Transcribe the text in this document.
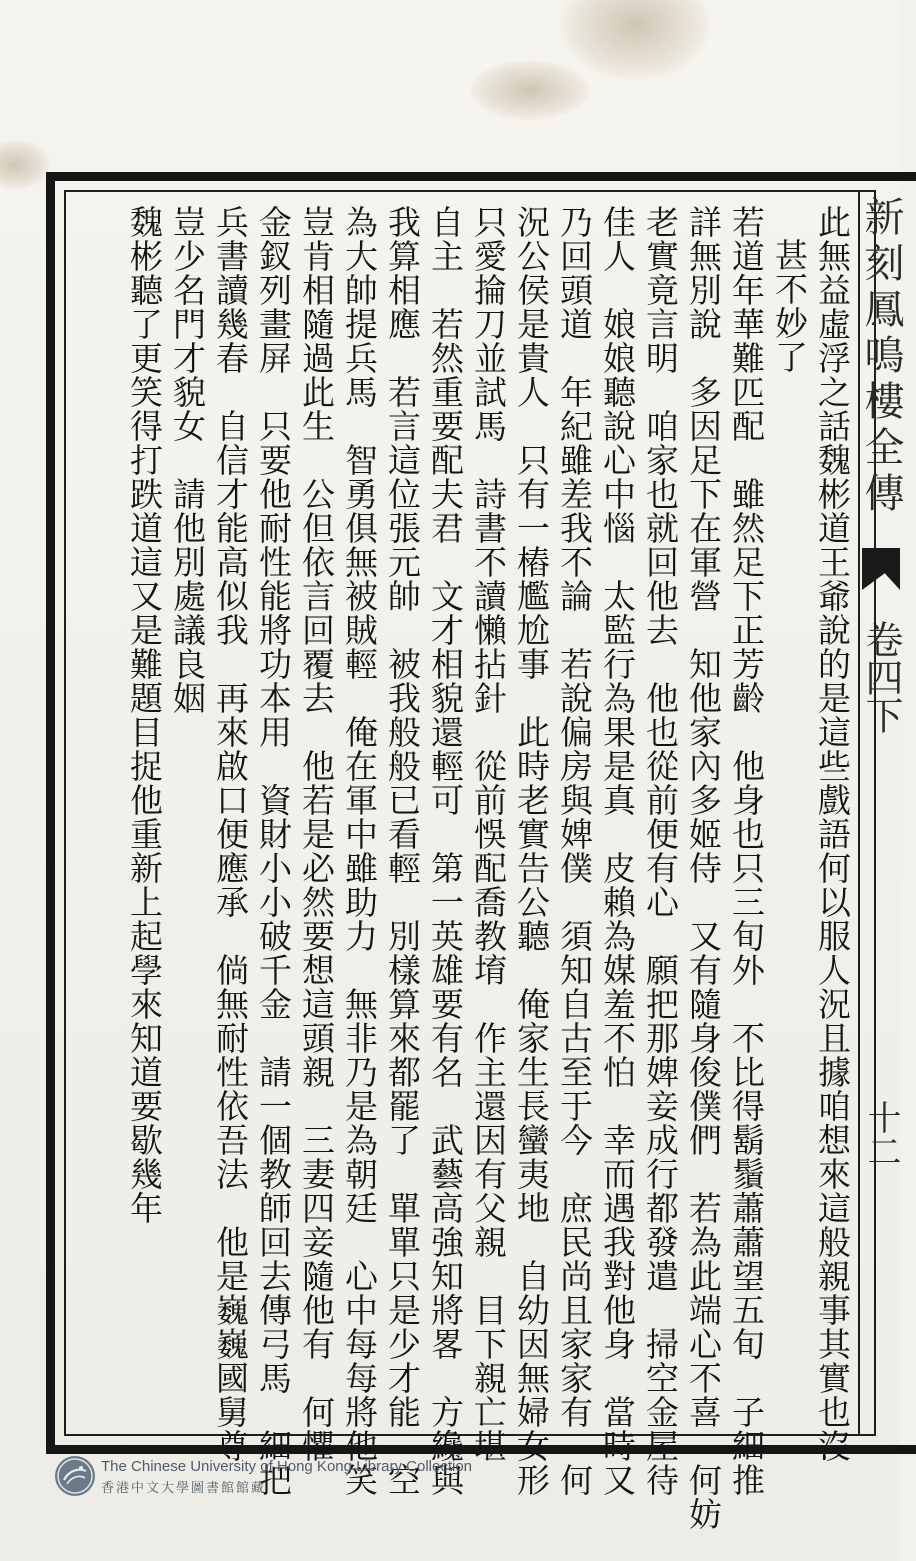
新刻鳳鳴樓全傳
卷四下
十二
此無益虛浮之話魏彬道王爺說的是這些戲語何以服人況且據咱想來這般親事其實也沒
甚不妙了
若道年華難匹配　雖然足下正芳齡　他身也只三旬外　不比得鬍鬚蕭蕭望五旬　子細推
詳無別說　多因足下在軍營　知他家內多姬侍　又有隨身俊僕們　若為此端心不喜　何妨
老實竟言明　咱家也就回他去　他也從前便有心　願把那婢妾成行都發遣　掃空金屋待
佳人　娘娘聽說心中惱　太監行為果是真　皮賴為媒羞不怕　幸而遇我對他身　當時又
乃回頭道　年紀雖差我不論　若說偏房與婢僕　須知自古至于今　庶民尚且家家有　何
況公侯是貴人　只有一樁尷尬事　此時老實告公聽　俺家生長蠻夷地　自幼因無婦女形
只愛掄刀並試馬　詩書不讀懶拈針　從前悞配喬教堉　作主還因有父親　目下親亡堪
自主　若然重要配夫君　文才相貌還輕可　第一英雄要有名　武藝高強知將畧　方纔與
我算相應　若言這位張元帥　被我般般已看輕　別樣算來都罷了　單單只是少才能　空
為大帥提兵馬　智勇俱無被賊輕　俺在軍中雖助力　無非乃是為朝廷　心中每每將他笑
豈肯相隨過此生　公但依言回覆去　他若是必然要想這頭親　三妻四妾隨他有　何懼
金釵列畫屏　只要他耐性能將功本用　資財小小破千金　請一個教師回去傳弓馬　細把
兵書讀幾春　自信才能高似我　再來啟口便應承　倘無耐性依吾法　他是巍巍國舅尊
豈少名門才貌女　請他別處議良姻
魏彬聽了更笑得打跌道這又是難題目捉他重新上起學來知道要歇幾年
The Chinese University of Hong Kong Library Collection
香港中文大學圖書館館藏
